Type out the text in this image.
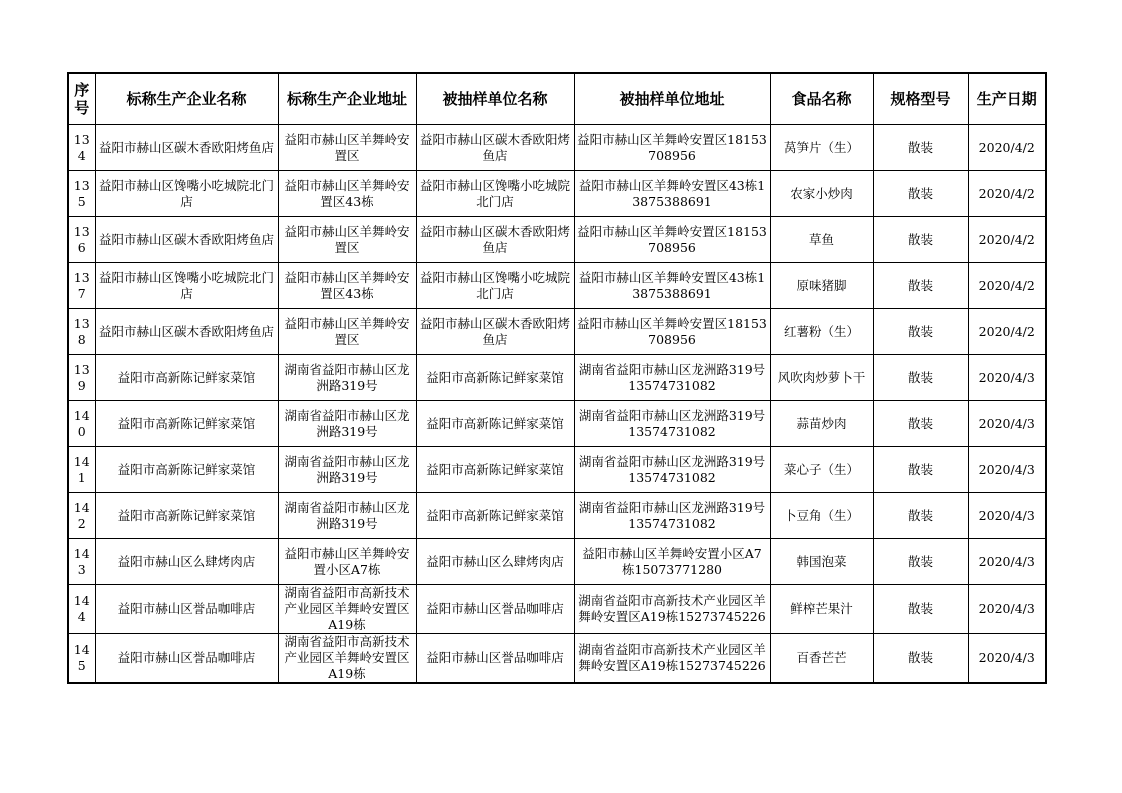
序号	标称生产企业名称	标称生产企业地址	被抽样单位名称	被抽样单位地址	食品名称	规格型号	生产日期
134	益阳市赫山区碳木香欧阳烤鱼店	益阳市赫山区羊舞岭安置区	益阳市赫山区碳木香欧阳烤鱼店	益阳市赫山区羊舞岭安置区18153708956	莴笋片（生）	散装	2020/4/2
135	益阳市赫山区馋嘴小吃城院北门店	益阳市赫山区羊舞岭安置区43栋	益阳市赫山区馋嘴小吃城院北门店	益阳市赫山区羊舞岭安置区43栋13875388691	农家小炒肉	散装	2020/4/2
136	益阳市赫山区碳木香欧阳烤鱼店	益阳市赫山区羊舞岭安置区	益阳市赫山区碳木香欧阳烤鱼店	益阳市赫山区羊舞岭安置区18153708956	草鱼	散装	2020/4/2
137	益阳市赫山区馋嘴小吃城院北门店	益阳市赫山区羊舞岭安置区43栋	益阳市赫山区馋嘴小吃城院北门店	益阳市赫山区羊舞岭安置区43栋13875388691	原味猪脚	散装	2020/4/2
138	益阳市赫山区碳木香欧阳烤鱼店	益阳市赫山区羊舞岭安置区	益阳市赫山区碳木香欧阳烤鱼店	益阳市赫山区羊舞岭安置区18153708956	红薯粉（生）	散装	2020/4/2
139	益阳市高新陈记鲜家菜馆	湖南省益阳市赫山区龙洲路319号	益阳市高新陈记鲜家菜馆	湖南省益阳市赫山区龙洲路319号13574731082	风吹肉炒萝卜干	散装	2020/4/3
140	益阳市高新陈记鲜家菜馆	湖南省益阳市赫山区龙洲路319号	益阳市高新陈记鲜家菜馆	湖南省益阳市赫山区龙洲路319号13574731082	蒜苗炒肉	散装	2020/4/3
141	益阳市高新陈记鲜家菜馆	湖南省益阳市赫山区龙洲路319号	益阳市高新陈记鲜家菜馆	湖南省益阳市赫山区龙洲路319号13574731082	菜心子（生）	散装	2020/4/3
142	益阳市高新陈记鲜家菜馆	湖南省益阳市赫山区龙洲路319号	益阳市高新陈记鲜家菜馆	湖南省益阳市赫山区龙洲路319号13574731082	卜豆角（生）	散装	2020/4/3
143	益阳市赫山区么肆烤肉店	益阳市赫山区羊舞岭安置小区A7栋	益阳市赫山区么肆烤肉店	益阳市赫山区羊舞岭安置小区A7栋15073771280	韩国泡菜	散装	2020/4/3
144	益阳市赫山区誉品咖啡店	湖南省益阳市高新技术产业园区羊舞岭安置区A19栋	益阳市赫山区誉品咖啡店	湖南省益阳市高新技术产业园区羊舞岭安置区A19栋15273745226	鲜榨芒果汁	散装	2020/4/3
145	益阳市赫山区誉品咖啡店	湖南省益阳市高新技术产业园区羊舞岭安置区A19栋	益阳市赫山区誉品咖啡店	湖南省益阳市高新技术产业园区羊舞岭安置区A19栋15273745226	百香芒芒	散装	2020/4/3
